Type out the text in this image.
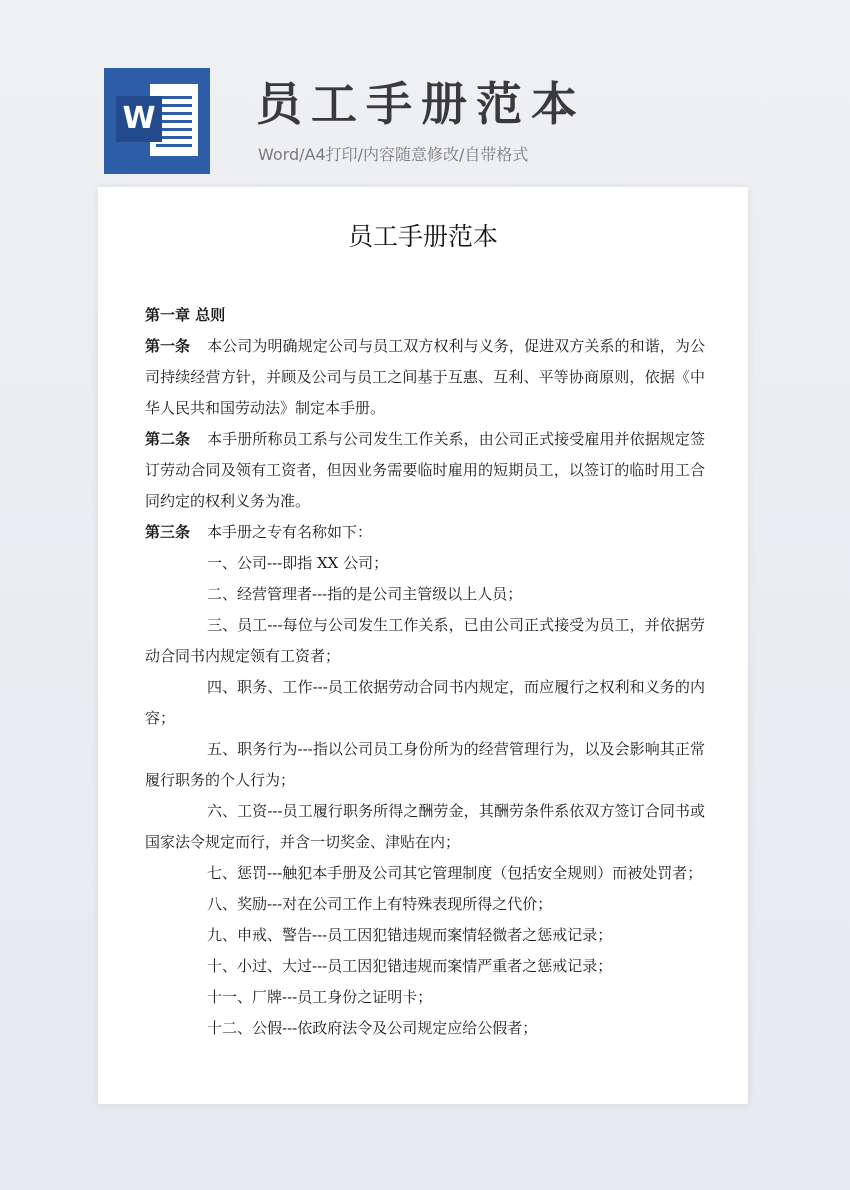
W 员工手册范本
Word/A4打印/内容随意修改/自带格式
员工手册范本

第一章 总则

第一条 本公司为明确规定公司与员工双方权利与义务，促进双方关系的和谐，为公司持续经营方针，并顾及公司与员工之间基于互惠、互利、平等协商原则，依据《中华人民共和国劳动法》制定本手册。

第二条 本手册所称员工系与公司发生工作关系，由公司正式接受雇用并依据规定签订劳动合同及领有工资者，但因业务需要临时雇用的短期员工，以签订的临时用工合同约定的权利义务为准。

第三条 本手册之专有名称如下：

一、公司---即指 XX 公司；

二、经营管理者---指的是公司主管级以上人员；

三、员工---每位与公司发生工作关系，已由公司正式接受为员工，并依据劳动合同书内规定领有工资者；

四、职务、工作---员工依据劳动合同书内规定，而应履行之权利和义务的内容；

五、职务行为---指以公司员工身份所为的经营管理行为，以及会影响其正常履行职务的个人行为；

六、工资---员工履行职务所得之酬劳金，其酬劳条件系依双方签订合同书或国家法令规定而行，并含一切奖金、津贴在内；

七、惩罚---触犯本手册及公司其它管理制度（包括安全规则）而被处罚者；

八、奖励---对在公司工作上有特殊表现所得之代价；

九、申戒、警告---员工因犯错违规而案情轻微者之惩戒记录；

十、小过、大过---员工因犯错违规而案情严重者之惩戒记录；

十一、厂牌---员工身份之证明卡；

十二、公假---依政府法令及公司规定应给公假者；
